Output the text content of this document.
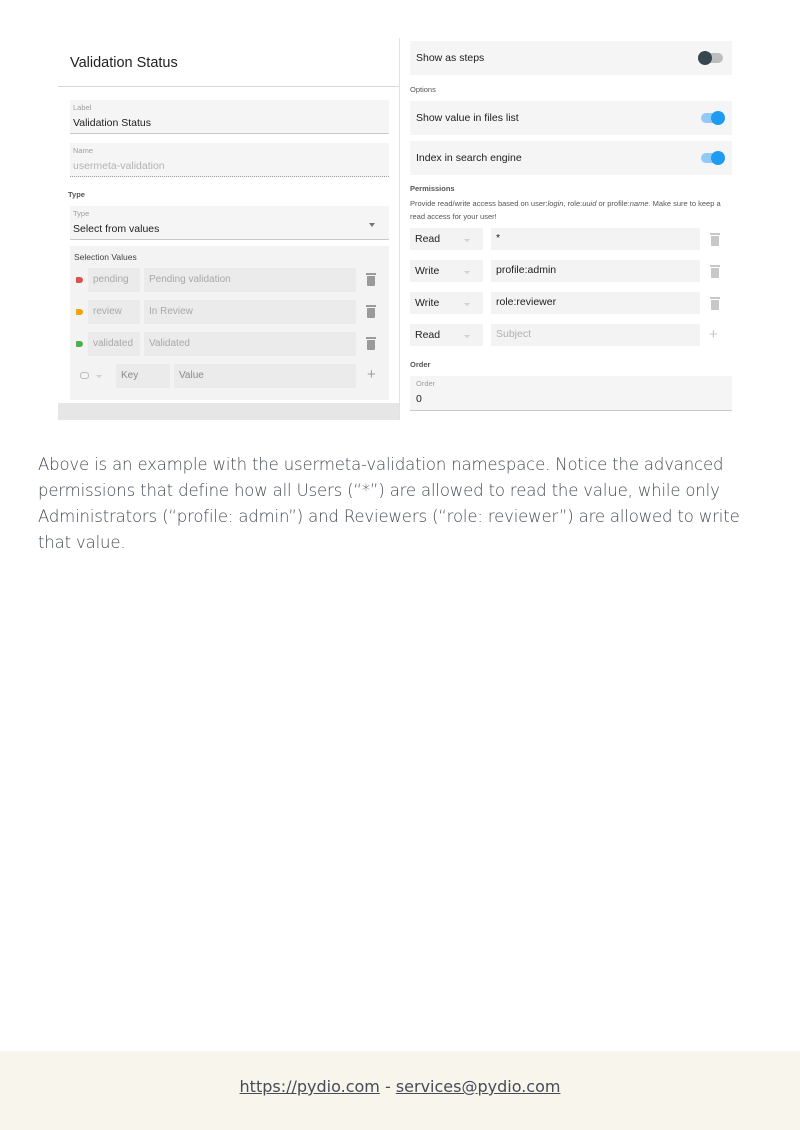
Validation Status
Label
Validation Status
Name
usermeta-validation
Type
Type
Select from values
Selection Values
pending Pending validation
review	In Review
validated Validated
Key	Value	+
Show as steps
Options
Show value in files list
Index in search engine
Permissions
Provide read/write access based on user:login, role:uuid or profile:name. Make sure to keep a read access for your user!
Read	*
Write	profile:admin
Write	role:reviewer
Read	Subject	+
Order
Order
0

Above is an example with the usermeta-validation namespace. Notice the advanced permissions that define how all Users (“*”) are allowed to read the value, while only Administrators (“profile: admin”) and Reviewers (“role: reviewer”) are allowed to write that value.

https://pydio.com - services@pydio.com
